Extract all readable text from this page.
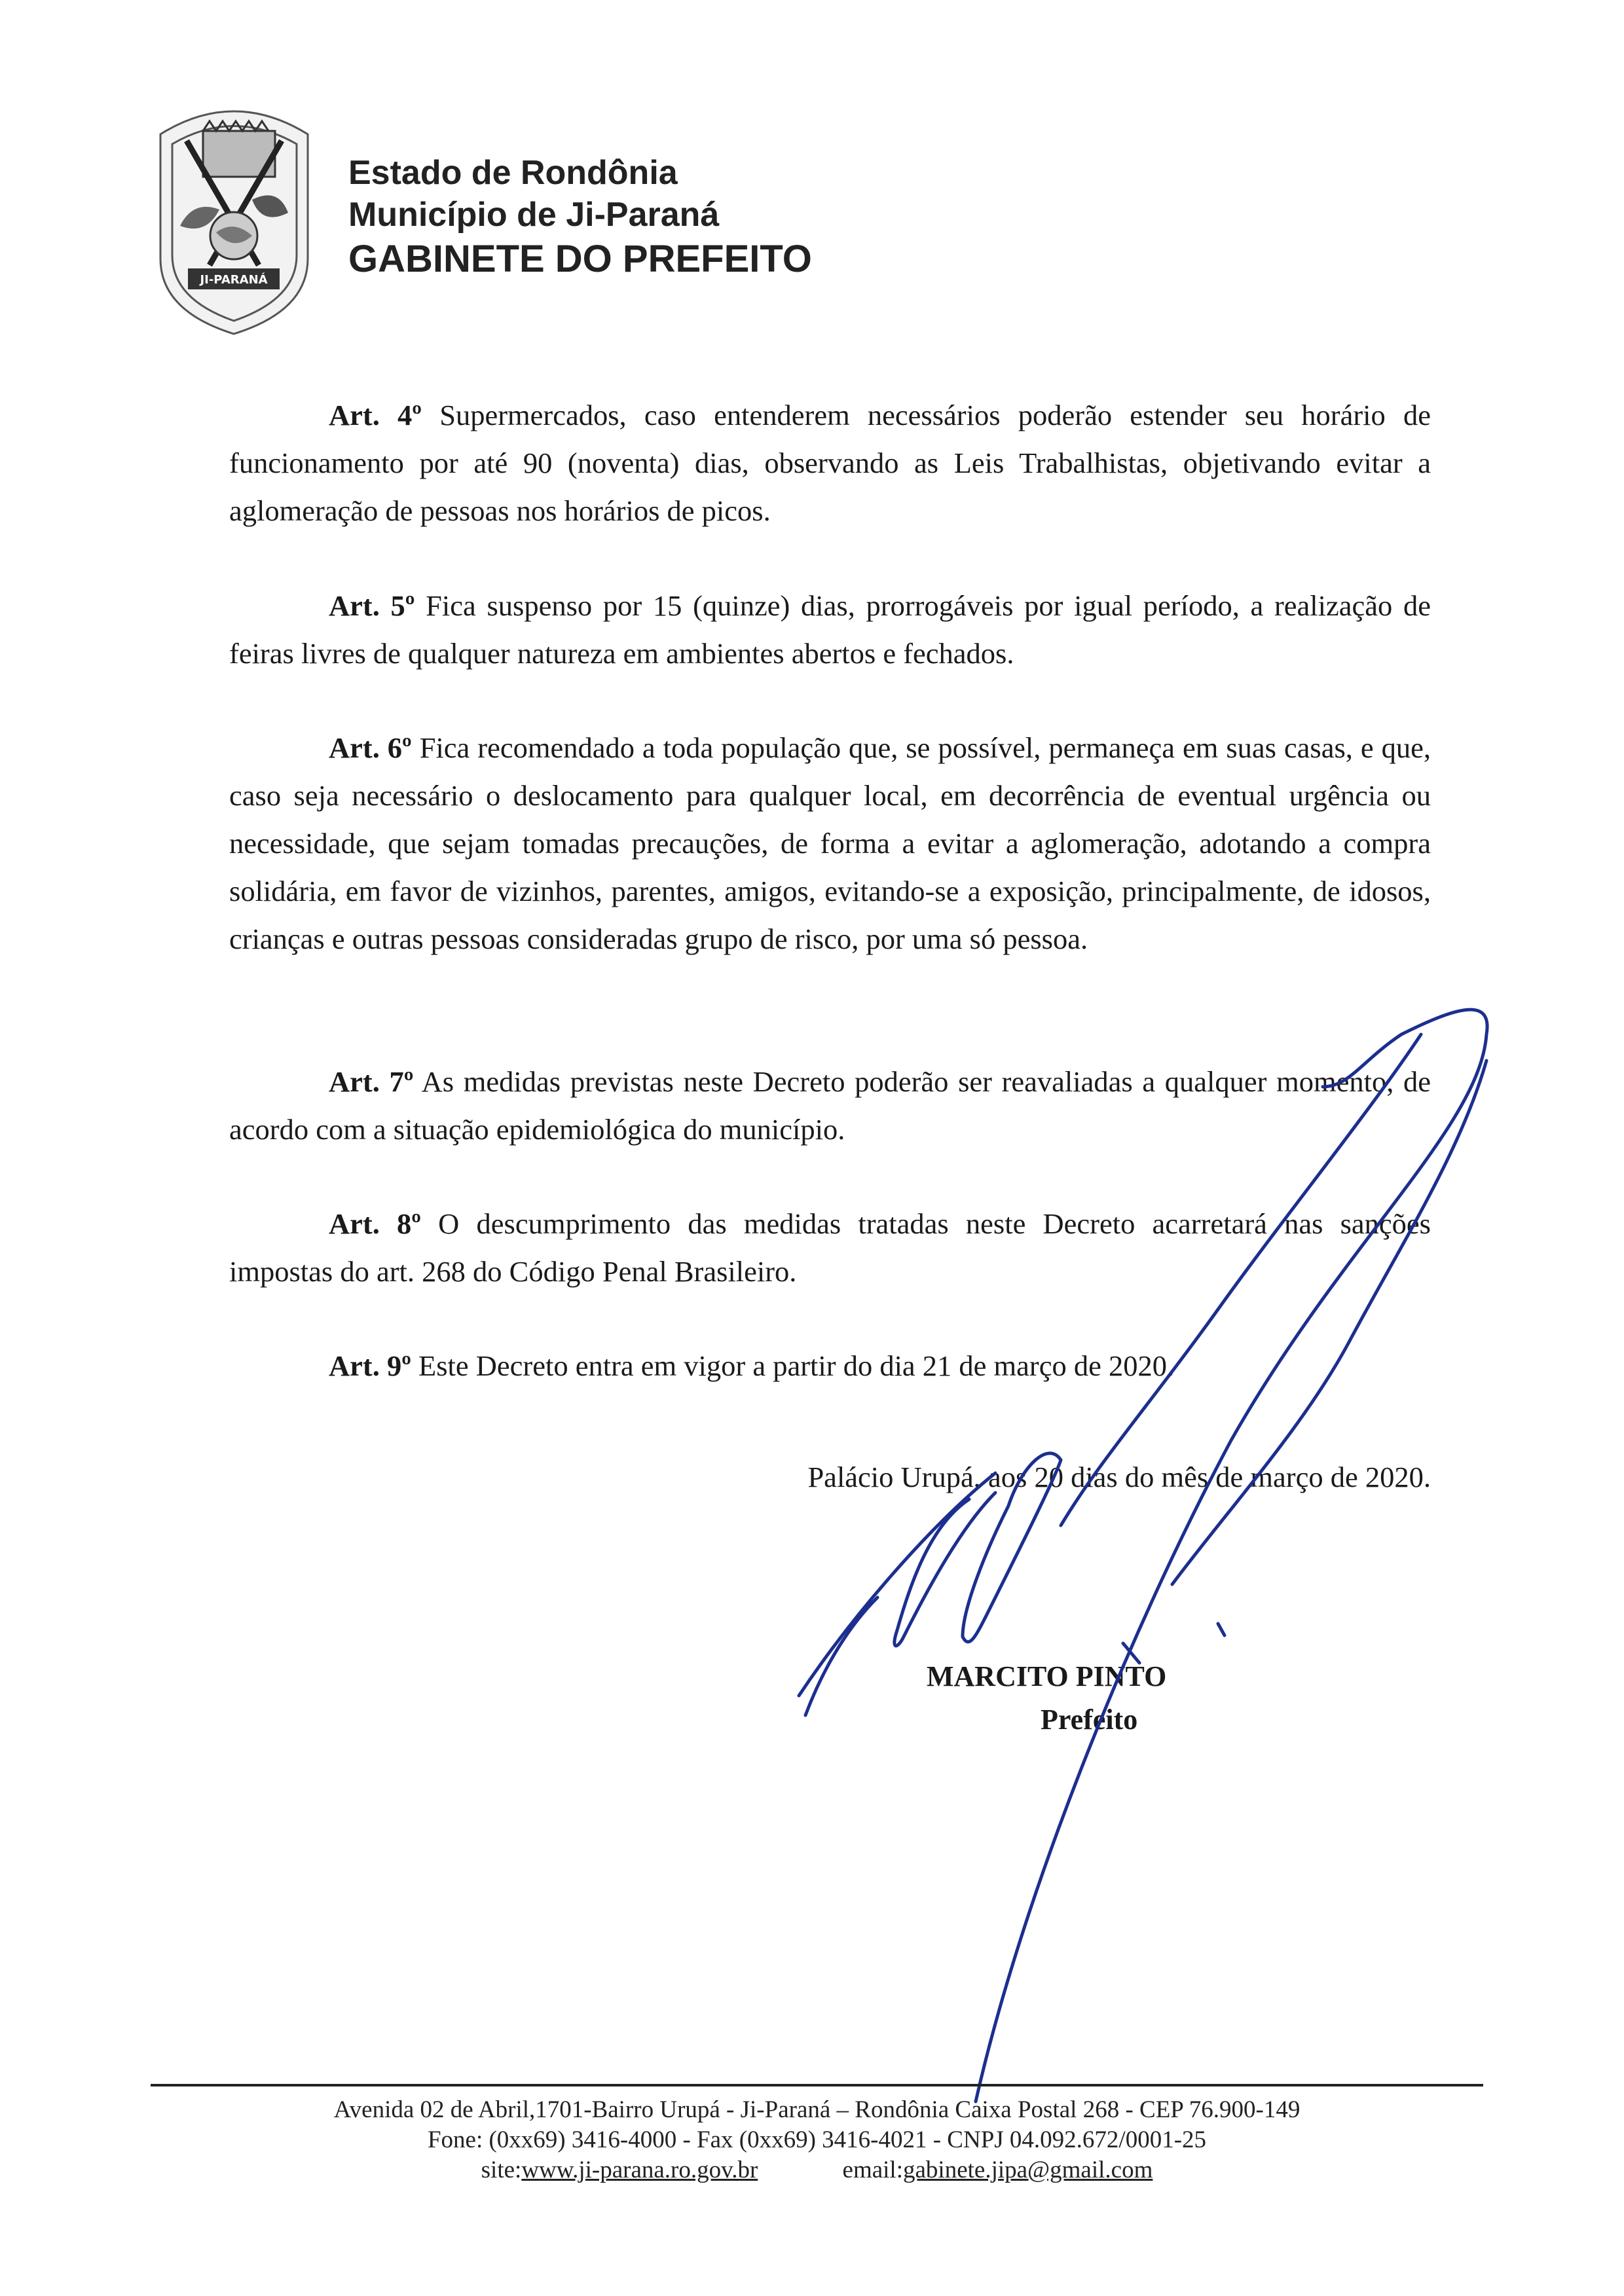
JI-PARANÁ
Estado de Rondônia
Município de Ji-Paraná
GABINETE DO PREFEITO

Art. 4º Supermercados, caso entenderem necessários poderão estender seu horário de funcionamento por até 90 (noventa) dias, observando as Leis Trabalhistas, objetivando evitar a aglomeração de pessoas nos horários de picos.

Art. 5º Fica suspenso por 15 (quinze) dias, prorrogáveis por igual período, a realização de feiras livres de qualquer natureza em ambientes abertos e fechados.

Art. 6º Fica recomendado a toda população que, se possível, permaneça em suas casas, e que, caso seja necessário o deslocamento para qualquer local, em decorrência de eventual urgência ou necessidade, que sejam tomadas precauções, de forma a evitar a aglomeração, adotando a compra solidária, em favor de vizinhos, parentes, amigos, evitando-se a exposição, principalmente, de idosos, crianças e outras pessoas consideradas grupo de risco, por uma só pessoa.

Art. 7º As medidas previstas neste Decreto poderão ser reavaliadas a qualquer momento, de acordo com a situação epidemiológica do município.

Art. 8º O descumprimento das medidas tratadas neste Decreto acarretará nas sanções impostas do art. 268 do Código Penal Brasileiro.

Art. 9º Este Decreto entra em vigor a partir do dia 21 de março de 2020.

Palácio Urupá, aos 20 dias do mês de março de 2020.
MARCITO PINTO
Prefeito
Avenida 02 de Abril,1701-Bairro Urupá - Ji-Paraná – Rondônia Caixa Postal 268 - CEP 76.900-149
Fone: (0xx69) 3416-4000 - Fax (0xx69) 3416-4021 - CNPJ 04.092.672/0001-25
site:www.ji-parana.ro.gov.br	email:gabinete.jipa@gmail.com
